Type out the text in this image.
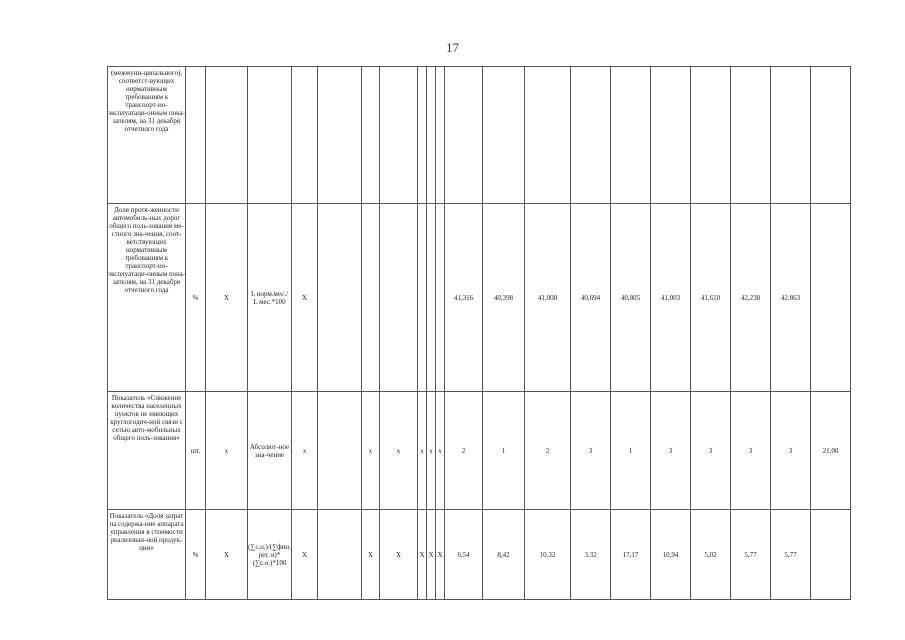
17
(межмуни-ципального), соответст-вующих нормативным требованиям к транспорт-но-эксплуатаци-онным пока-зателям, на 31 декабря отчетного года																				
Доля протя-женности автомобиль-ных дорог общего поль-зования ме-стного зна-чения, соот-ветствующих нормативным требованиям к транспорт-но-эксплуатаци-онным пока-зателям, на 31 декабря отчетного года	%	X	L норм.мес./ L мес.*100	X							41,316	40,398	41,008	40,694	40,805	41,003	41,610	42,238	42,863	
Показатель «Снижение количества населенных пунктов не имеющих круглогодич-ной связи с сетью авто-мобильных общего поль-зования»	шт.	x	Абсолют-ное зна-чение	x		x	x	x	x	x	2	1	2	3	1	3	3	3	3	21,00
Показатель «Доля затрат на содержа-ние аппарата управления в стоимости реализован-ной продук-ции»	%	X	(∑с.о.)/(∑фин. рег. в)*(∑с.о.)*100	X		X	X	X	X	X	6,54	8,42	10,32	3,32	17,17	10,94	5,02	5,77	5,77	
